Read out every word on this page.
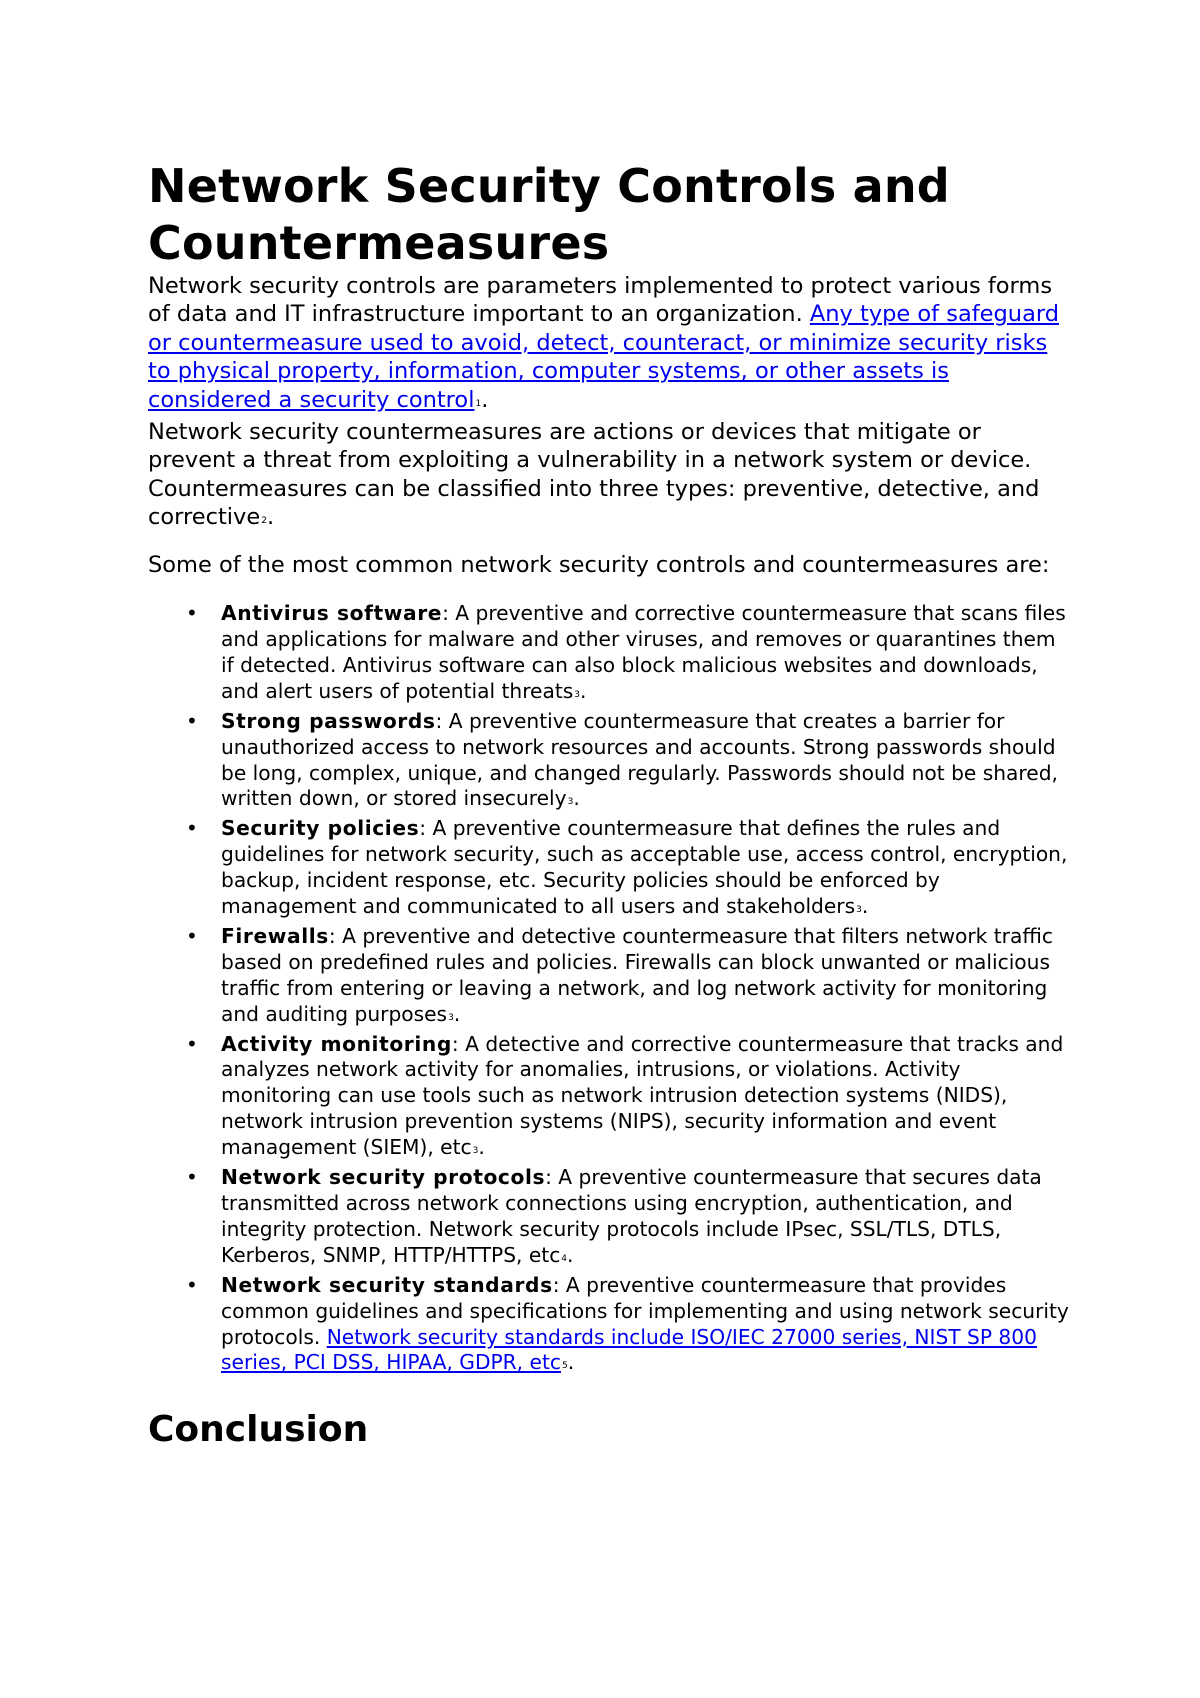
Network Security Controls and Countermeasures

Network security controls are parameters implemented to protect various forms of data and IT infrastructure important to an organization. Any type of safeguard or countermeasure used to avoid, detect, counteract, or minimize security risks to physical property, information, computer systems, or other assets is considered a security control$^1$.

Network security countermeasures are actions or devices that mitigate or prevent a threat from exploiting a vulnerability in a network system or device. Countermeasures can be classified into three types: preventive, detective, and corrective$^2$.

Some of the most common network security controls and countermeasures are:

• Antivirus software: A preventive and corrective countermeasure that scans files and applications for malware and other viruses, and removes or quarantines them if detected. Antivirus software can also block malicious websites and downloads, and alert users of potential threats$^3$.
• Strong passwords: A preventive countermeasure that creates a barrier for unauthorized access to network resources and accounts. Strong passwords should be long, complex, unique, and changed regularly. Passwords should not be shared, written down, or stored insecurely$^3$.
• Security policies: A preventive countermeasure that defines the rules and guidelines for network security, such as acceptable use, access control, encryption, backup, incident response, etc. Security policies should be enforced by management and communicated to all users and stakeholders$^3$.
• Firewalls: A preventive and detective countermeasure that filters network traffic based on predefined rules and policies. Firewalls can block unwanted or malicious traffic from entering or leaving a network, and log network activity for monitoring and auditing purposes$^3$.
• Activity monitoring: A detective and corrective countermeasure that tracks and analyzes network activity for anomalies, intrusions, or violations. Activity monitoring can use tools such as network intrusion detection systems (NIDS), network intrusion prevention systems (NIPS), security information and event management (SIEM), etc$^3$.
• Network security protocols: A preventive countermeasure that secures data transmitted across network connections using encryption, authentication, and integrity protection. Network security protocols include IPsec, SSL/TLS, DTLS, Kerberos, SNMP, HTTP/HTTPS, etc$^4$.
• Network security standards: A preventive countermeasure that provides common guidelines and specifications for implementing and using network security protocols. Network security standards include ISO/IEC 27000 series, NIST SP 800 series, PCI DSS, HIPAA, GDPR, etc$^5$.
Conclusion
